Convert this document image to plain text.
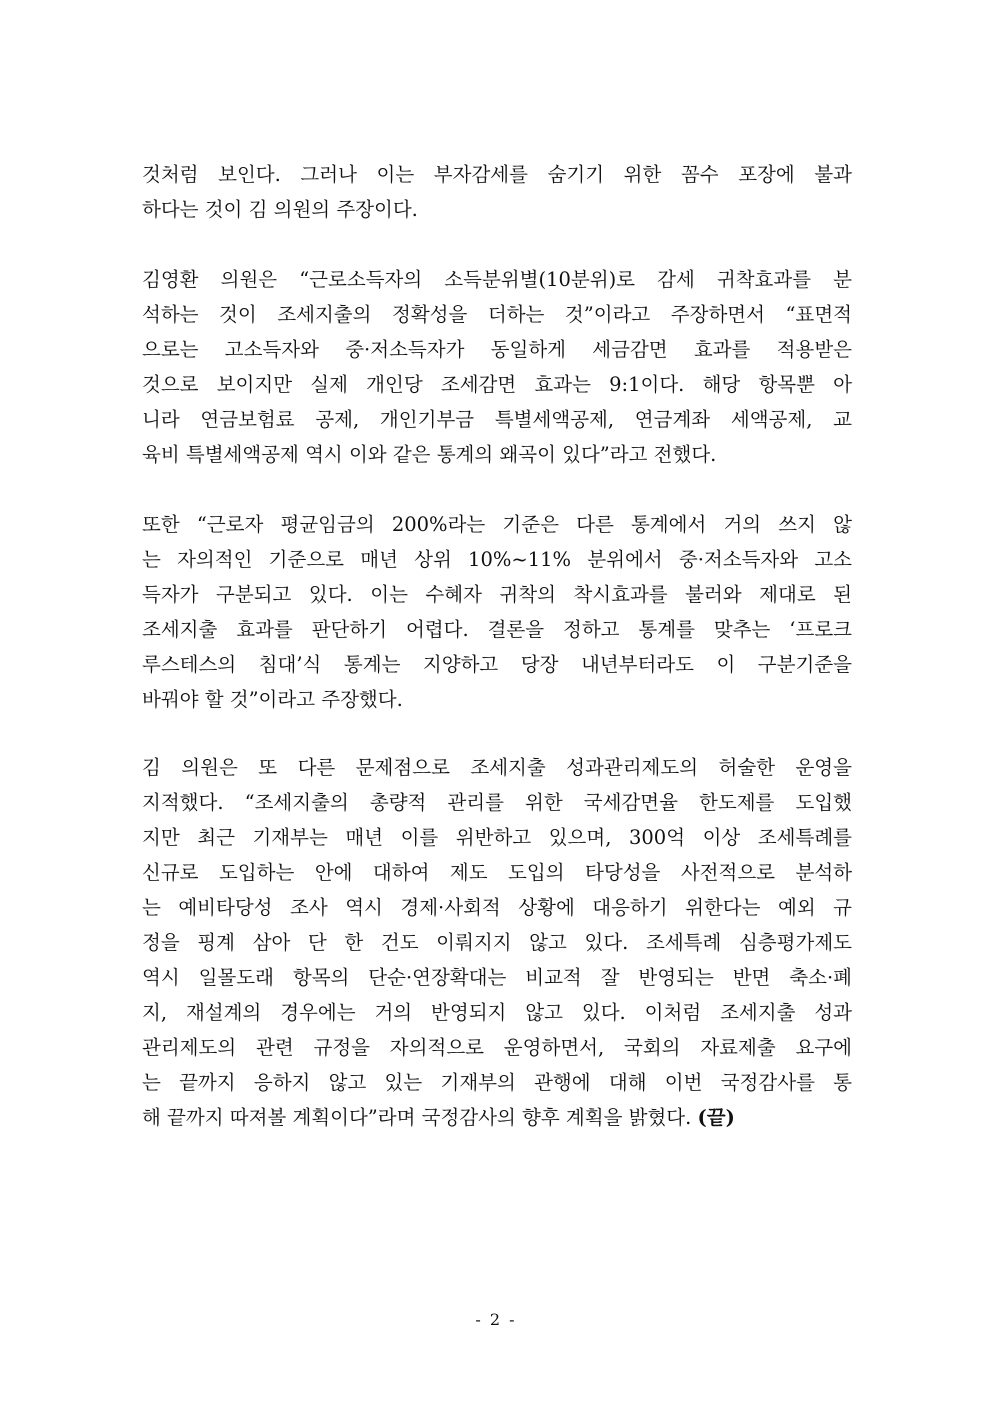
것처럼 보인다. 그러나 이는 부자감세를 숨기기 위한 꼼수 포장에 불과
하다는 것이 김 의원의 주장이다.
김영환 의원은 “근로소득자의 소득분위별(10분위)로 감세 귀착효과를 분
석하는 것이 조세지출의 정확성을 더하는 것”이라고 주장하면서 “표면적
으로는 고소득자와 중·저소득자가 동일하게 세금감면 효과를 적용받은
것으로 보이지만 실제 개인당 조세감면 효과는 9:1이다. 해당 항목뿐 아
니라 연금보험료 공제, 개인기부금 특별세액공제, 연금계좌 세액공제, 교
육비 특별세액공제 역시 이와 같은 통계의 왜곡이 있다”라고 전했다.
또한 “근로자 평균임금의 200%라는 기준은 다른 통계에서 거의 쓰지 않
는 자의적인 기준으로 매년 상위 10%~11% 분위에서 중·저소득자와 고소
득자가 구분되고 있다. 이는 수혜자 귀착의 착시효과를 불러와 제대로 된
조세지출 효과를 판단하기 어렵다. 결론을 정하고 통계를 맞추는 ‘프로크
루스테스의 침대’식 통계는 지양하고 당장 내년부터라도 이 구분기준을
바꿔야 할 것”이라고 주장했다.
김 의원은 또 다른 문제점으로 조세지출 성과관리제도의 허술한 운영을
지적했다. “조세지출의 총량적 관리를 위한 국세감면율 한도제를 도입했
지만 최근 기재부는 매년 이를 위반하고 있으며, 300억 이상 조세특례를
신규로 도입하는 안에 대하여 제도 도입의 타당성을 사전적으로 분석하
는 예비타당성 조사 역시 경제·사회적 상황에 대응하기 위한다는 예외 규
정을 핑계 삼아 단 한 건도 이뤄지지 않고 있다. 조세특례 심층평가제도
역시 일몰도래 항목의 단순·연장확대는 비교적 잘 반영되는 반면 축소·폐
지, 재설계의 경우에는 거의 반영되지 않고 있다. 이처럼 조세지출 성과
관리제도의 관련 규정을 자의적으로 운영하면서, 국회의 자료제출 요구에
는 끝까지 응하지 않고 있는 기재부의 관행에 대해 이번 국정감사를 통
해 끝까지 따져볼 계획이다”라며 국정감사의 향후 계획을 밝혔다. (끝)
- 2 -
